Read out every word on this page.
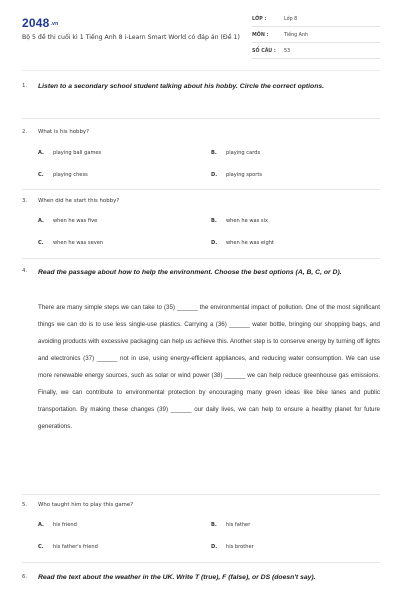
2048.vn
Bộ 5 đề thi cuối kì 1 Tiếng Anh 8 i-Learn Smart World có đáp án (Đề 1)
LỚP :	Lớp 8
MÔN :	Tiếng Anh
SỐ CÂU : 53
1. Listen to a secondary school student talking about his hobby. Circle the correct options.
2. What is his hobby?
A. playing ball games	B. playing cards
C. playing chess	D. playing sports
3. When did he start this hobby?
A. when he was five	B. when he was six
C. when he was seven	D. when he was eight
4. Read the passage about how to help the environment. Choose the best options (A, B, C, or D).

There are many simple steps we can take to (35) ______ the environmental impact of pollution. One of the most significant things we can do is to use less single-use plastics. Carrying a (36) ______ water bottle, bringing our shopping bags, and avoiding products with excessive packaging can help us achieve this. Another step is to conserve energy by turning off lights and electronics (37) ______ not in use, using energy-efficient appliances, and reducing water consumption. We can use more renewable energy sources, such as solar or wind power (38) ______ we can help reduce greenhouse gas emissions. Finally, we can contribute to environmental protection by encouraging many green ideas like bike lanes and public transportation. By making these changes (39) ______ our daily lives, we can help to ensure a healthy planet for future generations.

5. Who taught him to play this game?
A. his friend	B. his father
C. his father's friend	D. his brother
6. Read the text about the weather in the UK. Write T (true), F (false), or DS (doesn't say).
